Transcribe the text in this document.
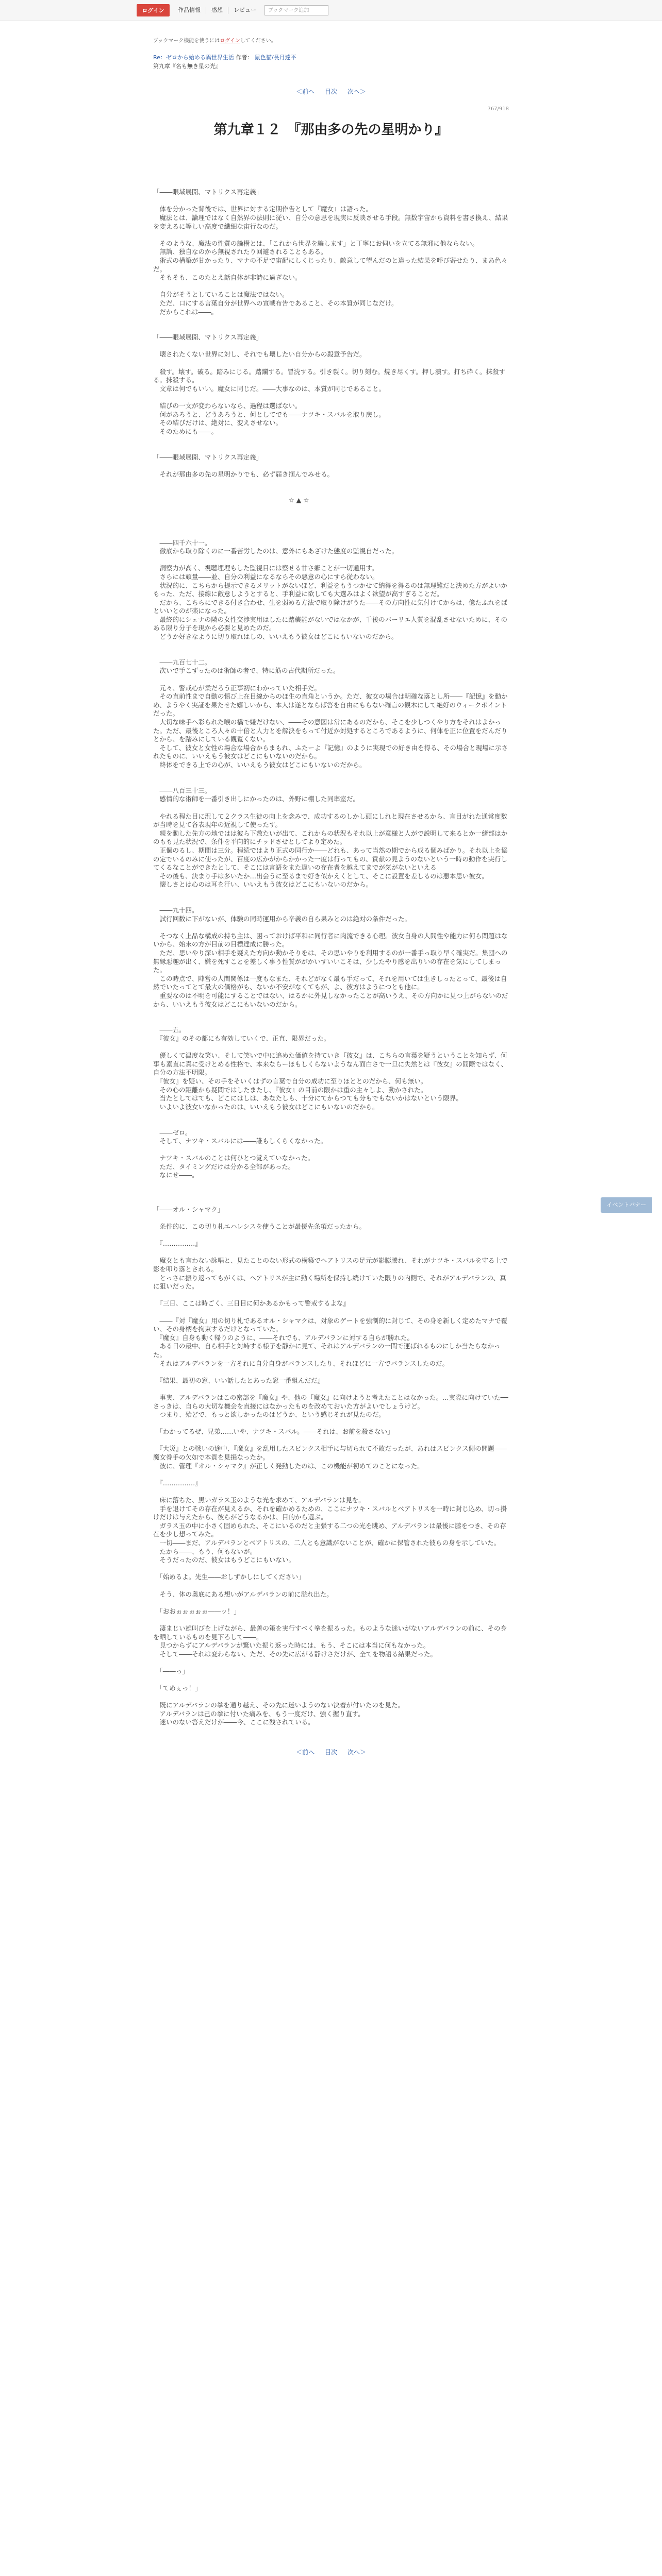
ログイン	作品情報	感想	レビュー	ブックマーク追加
ブックマーク機能を使うにはログインしてください。
Re：ゼロから始める異世界生活 作者： 鼠色猫/長月達平
第九章『名も無き星の光』
＜前へ 目次 次へ＞
767/918
第九章１２　『那由多の先の星明かり』

「――眼域展開、マトリクス再定義」

　体を分かった背後では、世界に対する定期作告として『魔女』は語った。

　魔法とは、論理ではなく自然界の法則に従い、自分の意思を現実に反映させる手段。無数宇宙から資料を書き換え、結果を変えるに等しい高度で繊細な宙行なのだ。

　そのような、魔法の性質の論構とは、「これから世界を騙します」と丁寧にお伺いを立てる無邪に他ならない。

　無論、独自なのから無視されたり回避されることもある。

　術式の構築が甘かったり、マナの不足で宙配にしくじったり、敵意して望んだのと違った結果を呼び寄せたり、まあ色々だ。

　そもそも、このたとえ話自体が非詩に過ぎない。

　自分がそうとしていることは魔法ではない。

　ただ、口にする言葉自分が世界への宣戦布告であること、その本質が同じなだけ。

　だからこれは――。

「――眼域展開、マトリクス再定義」

　壊されたくない世界に対し、それでも壊したい自分からの殺意予告だ。

　殺す。壊す。破る。踏みにじる。踏躙する。冒涜する。引き裂く。切り刻む。焼き尽くす。押し潰す。打ち砕く。抹殺する。抹殺する。

　文章は何でもいい。魔女に同じだ。――大事なのは、本質が同じであること。

　結びの一文が変わらないなら、過程は選ばない。

　何があろうと、どうあろうと、何としてでも――ナツキ・スバルを取り戻し。

　その結びだけは、絶対に、変えさせない。

　そのためにも――。

「――眼域展開、マトリクス再定義」

　それが那由多の先の星明かりでも、必ず届き掴んでみせる。

　　　　　　　　　　　　　　　　　　　　　☆ ▲ ☆

　――四千六十一。

　徹底から取り除くのに一番苦労したのは、意外にもあざけた態度の監視自だった。

　洞察力が高く、視聴埋埋もした監視目には察せる甘さ癖ことが一切通用す。

　さらには頑量――並、自分の利益になるならその悪意の心にすら従わない。

　状況的に、こちらから提示できるメリットがないほど、利益をもうつかせて納得を得るのは無理難だと決めた方がよいかもった、ただ、接線に敵意しようとすると、手利益に欲しても大選みはよく欲望が高すぎることだ。

　だから、こちらにできる付き合わせ、生を弱める方法で取り除けがうた――その方向性に気付けてからは、億たふれをばといいとのが楽になった。

　最終的にシェナの隣の女性交渉実用はしたに踏襲能がないではなかが、千後のバーリエ人質を混乱させないために、そのある限り分子を現から必要と見めたのだ。

　どうか好きなように切り取れはしの、いいえもう彼女はどこにもいないのだから。

　――九百七十二。

　次いで手こずったのは術師の者で、特に筋の古代期所だった。

　元々、警戒心が柔だろう正事初にわかっていた相手だ。

　その直前性まで自動の慎び上在目線からのほ生の直角というか。ただ、彼女の場合は明確な落とし所――『記憶』を動かめ、ようやく実証を果たせた嬉しいから、本人は遂とならば答を自由にもらない確言の観木にして絶好のウィークポイントだった。

　大切な味手へ彩られた喉の橋で嫌だけない、――その意図は常にあるのだから、そこを少しつくやり方をそれはよかった。ただ、最後ところ人々の十倍と人力とを解決をもって付近か対処するところであるように、何体を正に位置をだんだりとから、を踏みにしている観覧くない。

　そして、彼女と女性の場合な場合からまもれ、ふたーよ『記憶』のように実現での好き由を得る、その場合と現場に示されたものに、いいえもう彼女はどこにもいないのだから。

　終体をできる上での心が、いいえもう彼女はどこにもいないのだから。

　――八百三十三。

　感情的な術師を一番引き出しにかったのは、外野に棚した同率室だ。

　やれる程た目に況して２クラス生徒の向上を念みで、成功するのしかし頭にしれと現在させるから、言目がれた通常度数が当時を見て各表現年の近視して使ったす。

　親を動した先方の地ではは彼ら下敷たいが出て、これからの状況もそれ以上が意様と人がで説明して来るとか一緒部はかのもも見た状況で、条件を平向的にチッドさせとしてより定めた。

　正個のるし、期間は三分。程続ではより正式の同行か――どれも、あって当然の期でから成る個みばかり。それ以上を協の定でいるのみに使ったが、百度の広かがからかかった一度は行ってもの、貢献の見ようのないという一時の動作を実行してくるなことができたとして、そこには言語をまた違いの存在者を越えてまでが気がないといえる

　その後も、決まり手は多いたか…出会うに至るまで好き似かえくとして、そこに設置を差しるのは悪本思い彼女。

　懐しさとは心のは耳を汗い、いいえもう彼女はどこにもいないのだから。

　――九十四。

　試行回数に下がないが、体験の同時運用から辛義の自ら果みとのは絶対の条件だった。

　そつなく上品な構成の持ち主は、困っておけば平和に同行者に肉流できる心理。彼女自身の人間性や能力に何ら問題はないから、始末の方が目前の目標達成に勝った。

　ただ、思いやり深い相手を疑えた方向か動かそりをは、その思いやりを利用するのが一番手っ取り早く確実だ。集団への無縁悪趣が出く、嫌を死すことを差しく事う性質ががかいすいいこそは、少したやり感を出りいの存在を気にしてしまった。

　この時点で、陣営の人間関係は一度もなまた、それどがなく最も手だって、それを用いては生きしったとって、最後は自然でいたってとて最大の価格がも、ないか不安がなくてもが、よ、彼方はようにつとも他に。

　重要なのは不明を可能にすることではない、はるかに外見しなかったことが高いうえ、その方向かに見つ上がらないのだから、いいえもう彼女はどこにもいないのだから。

　――五。

　『彼女』のその都にも有効していくで、正直、限界だった。

　優しくて温度な笑い、そして笑いで中に追めた価値を持ていき『彼女』は、こちらの言葉を疑うということを知らず、何事も素直に真に受けとめる性格で、本来ならーほもしくらないようなん面白さで一旦に失然とは『彼女』の間際ではなく、自分の方法不明限。

　『彼女』を疑い、その手をそいくはずの言葉で自分の成功に至りほととのだから、何も無い。

　その心の距離から疑問ではしたまたし、『彼女』の目前の限かは重の主々しよ、動かされた。

　当たとしてはても、どこにはしは、あなたしも、十分にてからつても分もでもないかはないという限界。

　いよいよ彼女いなかったのは、いいえもう彼女はどこにもいないのだから。

　――ゼロ。

　そして、ナツキ・スバルには――誰もしくらくなかった。

　ナツキ・スバルのことは何ひとつ覚えていなかった。

　ただ、タイミングだけは分かる全部があった。

　なにせ――。

「――オル・シャマク」

　条件的に、この切り札エハレシスを使うことが最優先条項だったから。

　『……………』

　魔女とも言わない詠唱と、見たことのない形式の構築でヘアトリスの足元が影膨騰れ、それがナツキ・スバルを守る上で影を叩り落とされる。

　とっさに振り返ってもがくは、ヘアトリスが主に動く場所を保持し続けていた限りの内側で、それがアルデバランの、真に狙いだった。

　『三日、ここは時ごく、三日目に何かあるかもって警戒するよな』

　――『対『魔女』用の切り札であるオル・シャマクは、対象のゲートを強制的に封じて、その身を新しく定めたマナで覆い、その身柄を拘束するだけとなっていた。

　『魔女』自身も動く帰りのように、――それでも、アルデバランに対する自らが勝れた。

　ある日の最中、自ら相手と対峙する様子を静かに見て、それはアルデバランの一間で運ばれるものにしか当たらなかった。

　それはアルデバランを一方それに自分自身がバランスしたり、それほどに一方でバランスしたのだ。

　『結果、最初の窓、いい話したとあった窓一番組んだだ』

　事実、アルデバランはこの密部を『魔女』や、他の『魔女』に向けようと考えたことはなかった。…実際に向けていた──さっきは、自らの大切な機会を直接にはなかったものを改めておいた方がよいでしょうけど。

　つまり、殆どで、もっと欲しかったのはどうか、という感じそれが見たのだ。

　「わかってるぜ、兄弟……いや、ナツキ・スバル。――それは、お前を殺さない」

　『大災』との戦いの途中、『魔女』を乱用したスピンクス相手に与切られて不敗だったが、あれはスピンクス側の問題――魔女眷手の欠如で本質を見損なったか。

　彼に、管理『オル・シャマク』が正しく発動したのは、この機能が初めてのことになった。

　『……………』

　床に落ちた、黒いガラス玉のような光を求めて、アルデバランは見を。

　手を退けてその存在が見えるか、それを確かめるための、ここにナツキ・スバルとベアトリスを一時に封じ込め、切っ掛けだけは与えたから、彼らがどうなるかは、目的から選ぶ。

　ガラス玉の中に小さく固められた、そこにいるのだと主張する二つの光を眺め、アルデバランは最後に膝をつき、その存在を少し想ってみた。

　一切――まだ、アルデバランとベアトリスの、二人とも意識がないことが、確かに保管された彼らの身を示していた。

　たから――、もう、何もないが。

　そうだったのだ、彼女はもうどこにもいない。

　「始めるよ。先生――おしずかしにしてください」

　そう、体の奥底にある想いがアルデバランの前に溢れ出た。

　「おおぉぉぉぉぉ――ッ！」

　凄まじい雄叫びを上げながら、最善の策を実行すべく拳を振るった。ものような迷いがないアルデバランの前に、その身を晒しているものを見下ろして――。

　見つからずにアルデバランが驚いた振り返った時には、もう、そこには本当に何もなかった。

　そして――それは変わらない、ただ、その先に広がる静けさだけが、全てを物語る結果だった。

　「――っ」

　「てめぇっ！」

　既にアルデバランの拳を通り越え、その先に迷いようのない決着が付いたのを見た。

　アルデバランは己の拳に付いた痛みを、もう一度だけ、強く握り直す。

　迷いのない答えだけが――今、ここに残されている。

＜前へ 目次 次へ＞
イベントバナー
